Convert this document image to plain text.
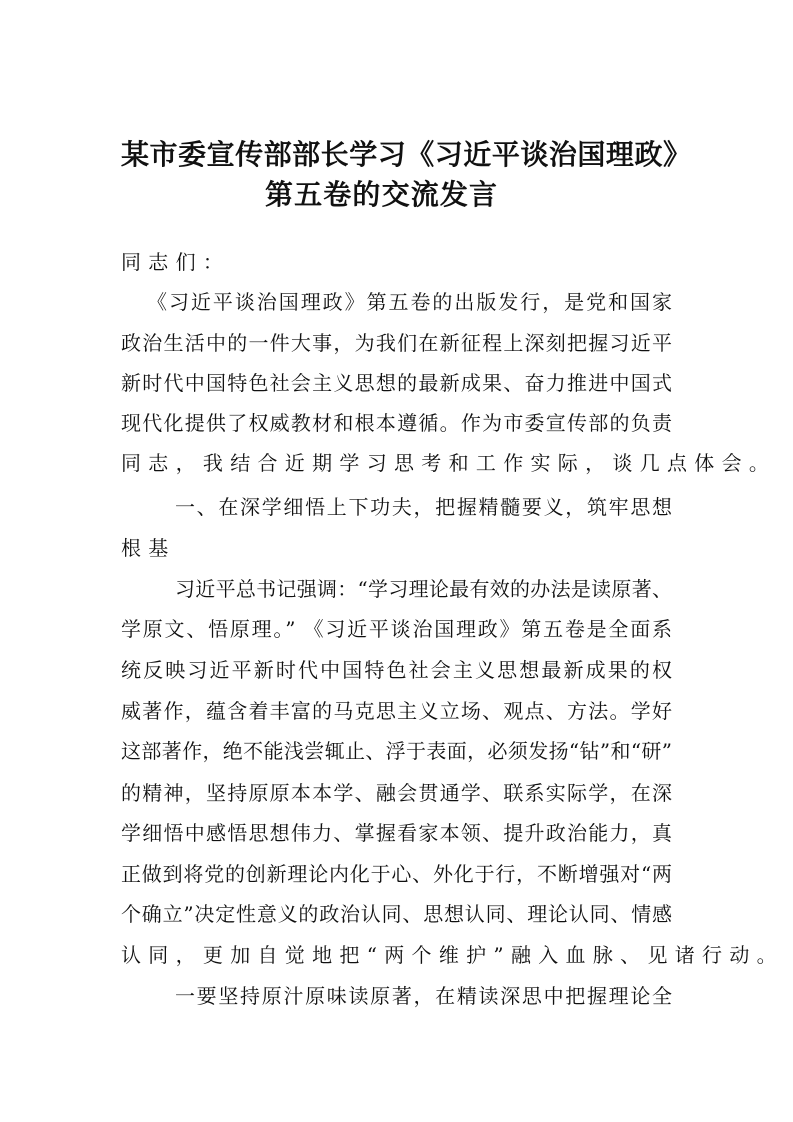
某市委宣传部部长学习《习近平谈治国理政》
第五卷的交流发言
同志们：
《习近平谈治国理政》第五卷的出版发行，是党和国家
政治生活中的一件大事，为我们在新征程上深刻把握习近平
新时代中国特色社会主义思想的最新成果、奋力推进中国式
现代化提供了权威教材和根本遵循。作为市委宣传部的负责
同志，我结合近期学习思考和工作实际，谈几点体会。
一、在深学细悟上下功夫，把握精髓要义，筑牢思想
根基
习近平总书记强调：“学习理论最有效的办法是读原著、
学原文、悟原理。” 《习近平谈治国理政》第五卷是全面系
统反映习近平新时代中国特色社会主义思想最新成果的权
威著作，蕴含着丰富的马克思主义立场、观点、方法。学好
这部著作，绝不能浅尝辄止、浮于表面，必须发扬“钻”和“研”
的精神，坚持原原本本学、融会贯通学、联系实际学，在深
学细悟中感悟思想伟力、掌握看家本领、提升政治能力，真
正做到将党的创新理论内化于心、外化于行，不断增强对“两
个确立”决定性意义的政治认同、思想认同、理论认同、情感
认同，更加自觉地把“两个维护”融入血脉、见诸行动。
一要坚持原汁原味读原著，在精读深思中把握理论全
